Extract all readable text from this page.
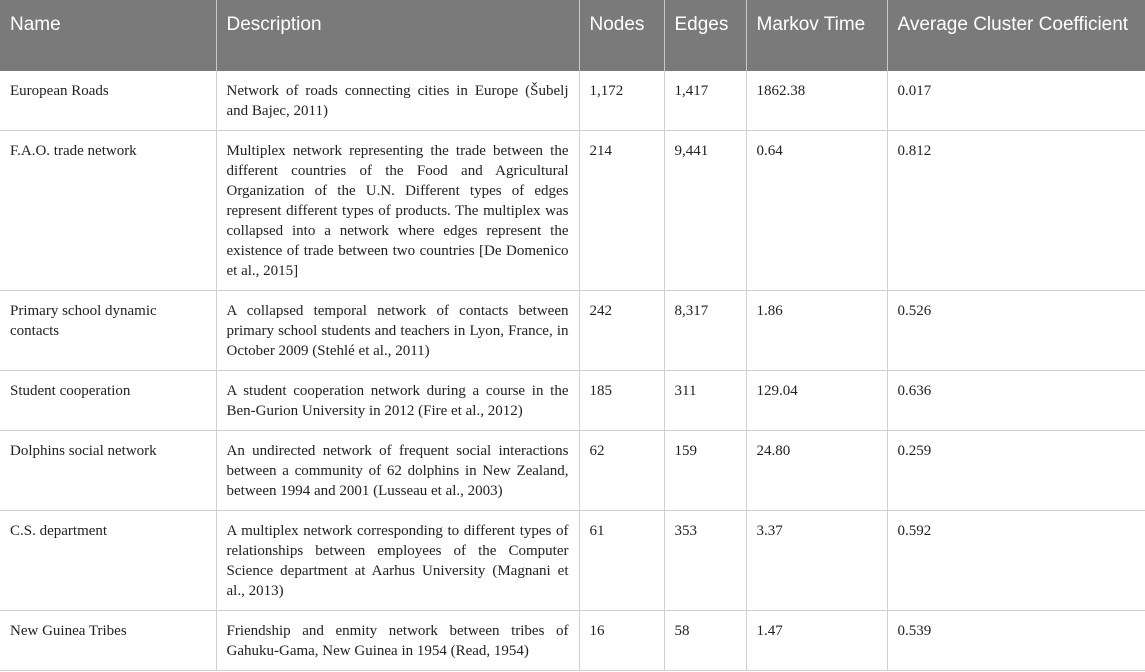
Name	Description	Nodes	Edges	Markov Time	Average Cluster Coefficient
European Roads	Network of roads connecting cities in Europe (Šubelj and Bajec, 2011)	1,172	1,417	1862.38	0.017
F.A.O. trade network	Multiplex network representing the trade between the different countries of the Food and Agricultural Organization of the U.N. Different types of edges represent different types of products. The multiplex was collapsed into a network where edges represent the existence of trade between two countries [De Domenico et al., 2015]	214	9,441	0.64	0.812
Primary school dynamic contacts	A collapsed temporal network of contacts between primary school students and teachers in Lyon, France, in October 2009 (Stehlé et al., 2011)	242	8,317	1.86	0.526
Student cooperation	A student cooperation network during a course in the Ben-Gurion University in 2012 (Fire et al., 2012)	185	311	129.04	0.636
Dolphins social network	An undirected network of frequent social interactions between a community of 62 dolphins in New Zealand, between 1994 and 2001 (Lusseau et al., 2003)	62	159	24.80	0.259
C.S. department	A multiplex network corresponding to different types of relationships between employees of the Computer Science department at Aarhus University (Magnani et al., 2013)	61	353	3.37	0.592
New Guinea Tribes	Friendship and enmity network between tribes of Gahuku-Gama, New Guinea in 1954 (Read, 1954)	16	58	1.47	0.539
